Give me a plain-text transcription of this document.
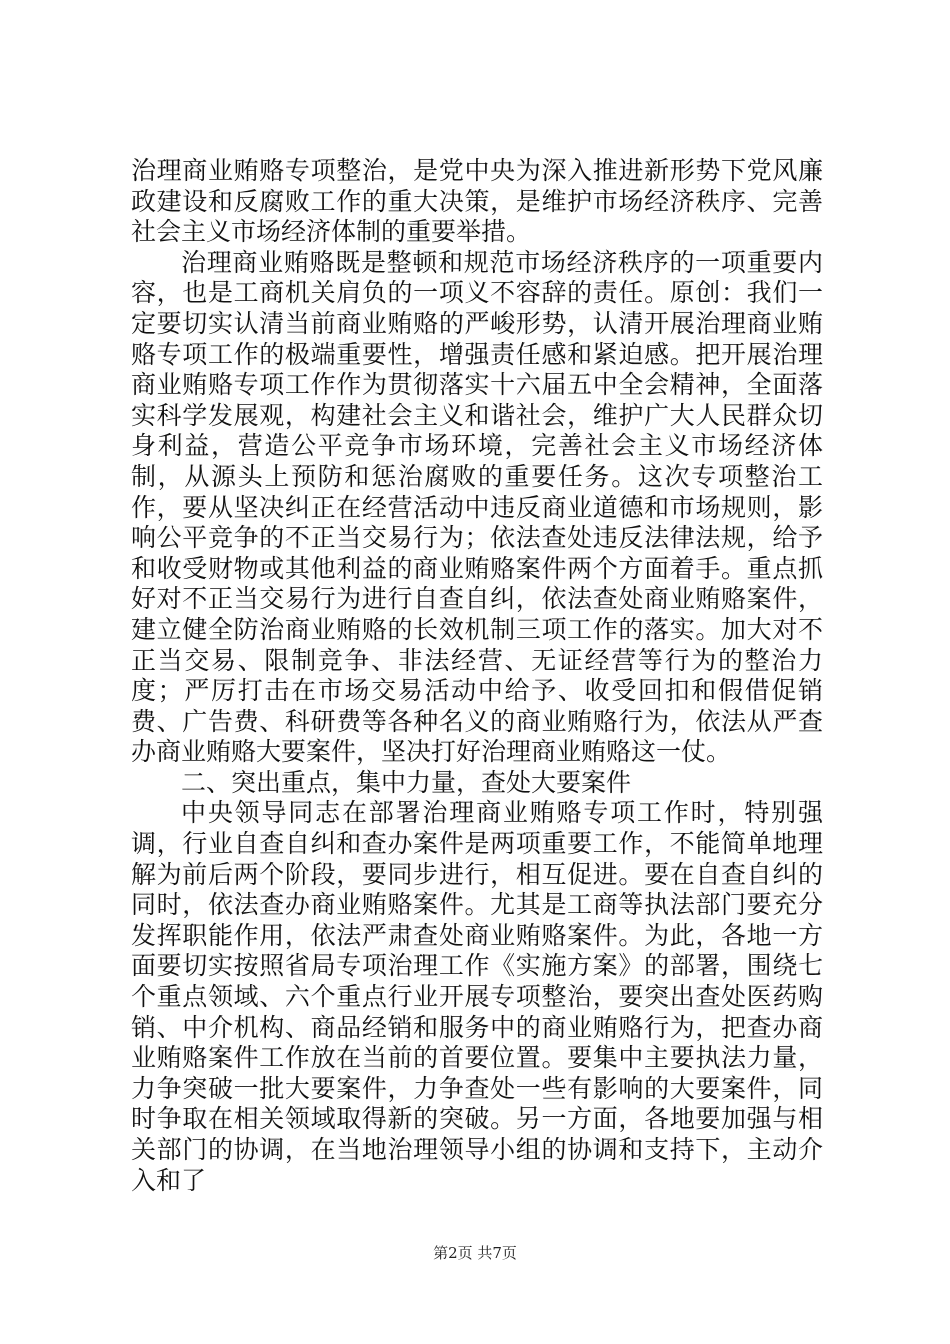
治理商业贿赂专项整治，是党中央为深入推进新形势下党风廉政建设和反腐败工作的重大决策，是维护市场经济秩序、完善社会主义市场经济体制的重要举措。

治理商业贿赂既是整顿和规范市场经济秩序的一项重要内容，也是工商机关肩负的一项义不容辞的责任。原创：我们一定要切实认清当前商业贿赂的严峻形势，认清开展治理商业贿赂专项工作的极端重要性，增强责任感和紧迫感。把开展治理商业贿赂专项工作作为贯彻落实十六届五中全会精神，全面落实科学发展观，构建社会主义和谐社会，维护广大人民群众切身利益，营造公平竞争市场环境，完善社会主义市场经济体制，从源头上预防和惩治腐败的重要任务。这次专项整治工作，要从坚决纠正在经营活动中违反商业道德和市场规则，影响公平竞争的不正当交易行为；依法查处违反法律法规，给予和收受财物或其他利益的商业贿赂案件两个方面着手。重点抓好对不正当交易行为进行自查自纠，依法查处商业贿赂案件，建立健全防治商业贿赂的长效机制三项工作的落实。加大对不正当交易、限制竞争、非法经营、无证经营等行为的整治力度；严厉打击在市场交易活动中给予、收受回扣和假借促销费、广告费、科研费等各种名义的商业贿赂行为，依法从严查办商业贿赂大要案件，坚决打好治理商业贿赂这一仗。

二、突出重点，集中力量，查处大要案件

中央领导同志在部署治理商业贿赂专项工作时，特别强调，行业自查自纠和查办案件是两项重要工作，不能简单地理解为前后两个阶段，要同步进行，相互促进。要在自查自纠的同时，依法查办商业贿赂案件。尤其是工商等执法部门要充分发挥职能作用，依法严肃查处商业贿赂案件。为此，各地一方面要切实按照省局专项治理工作《实施方案》的部署，围绕七个重点领域、六个重点行业开展专项整治，要突出查处医药购销、中介机构、商品经销和服务中的商业贿赂行为，把查办商业贿赂案件工作放在当前的首要位置。要集中主要执法力量，力争突破一批大要案件，力争查处一些有影响的大要案件，同时争取在相关领域取得新的突破。另一方面，各地要加强与相关部门的协调，在当地治理领导小组的协调和支持下，主动介入和了

第2页 共7页
